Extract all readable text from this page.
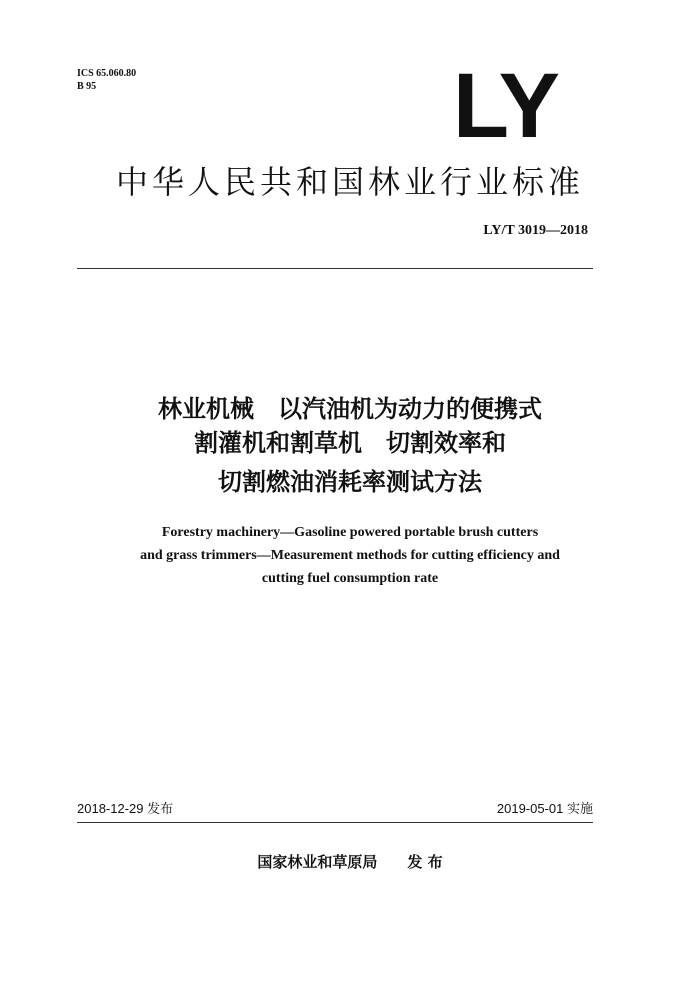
ICS 65.060.80
B 95	LY
中华人民共和国林业行业标准
LY/T 3019—2018
林业机械　以汽油机为动力的便携式
割灌机和割草机　切割效率和
切割燃油消耗率测试方法
Forestry machinery—Gasoline powered portable brush cutters
and grass trimmers—Measurement methods for cutting efficiency and
cutting fuel consumption rate
2018-12-29 发布	2019-05-01 实施
国家林业和草原局　　发 布
